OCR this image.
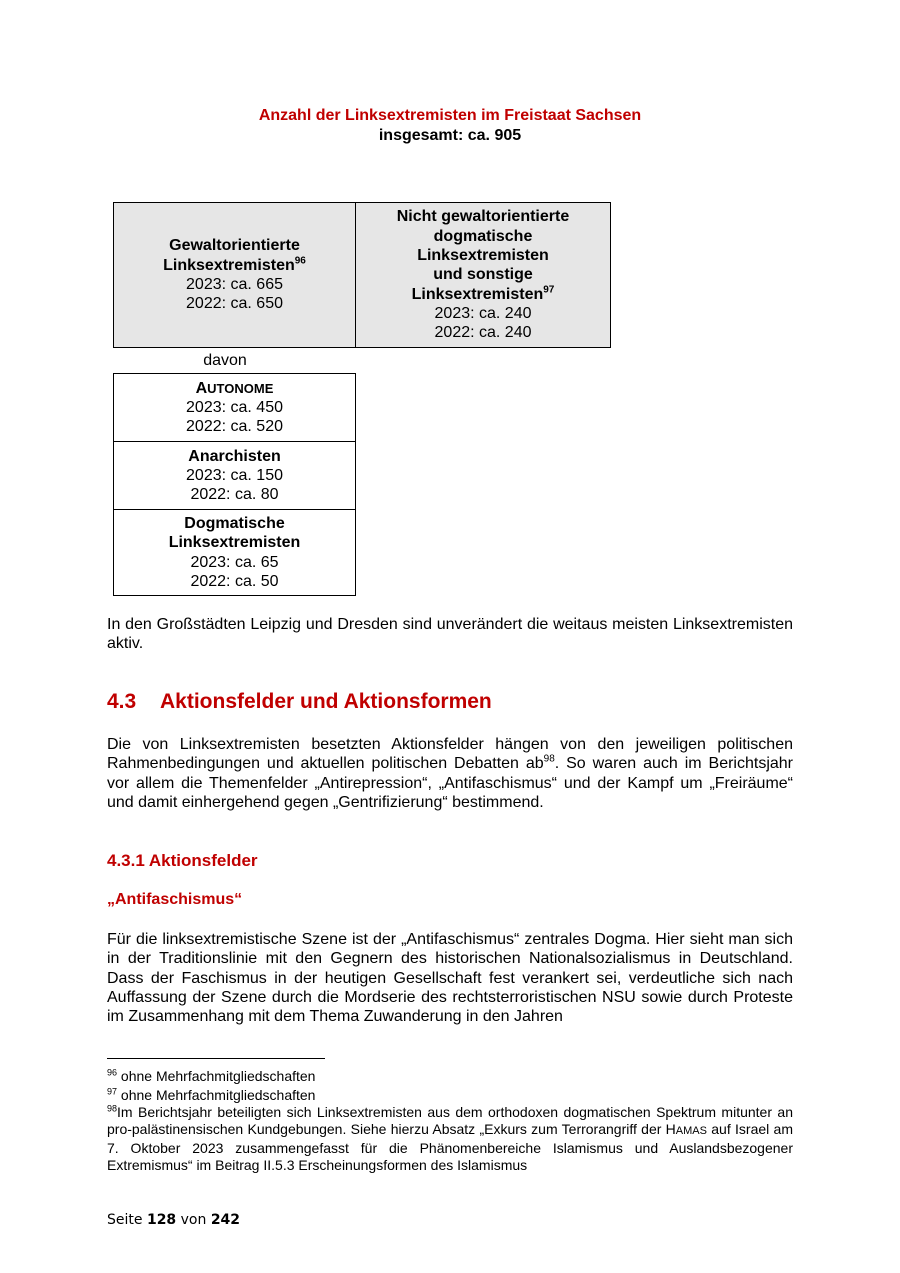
Anzahl der Linksextremisten im Freistaat Sachsen
insgesamt: ca. 905
Gewaltorientierte
Linksextremisten$^{96}$
2023: ca. 665
2022: ca. 650
Nicht gewaltorientierte
dogmatische
Linksextremisten
und sonstige
Linksextremisten$^{97}$
2023: ca. 240
2022: ca. 240
davon
AUTONOME
2023: ca. 450
2022: ca. 520
Anarchisten
2023: ca. 150
2022: ca. 80
Dogmatische
Linksextremisten
2023: ca. 65
2022: ca. 50
In den Großstädten Leipzig und Dresden sind unverändert die weitaus meisten Linksextremisten aktiv.
4.3 Aktionsfelder und Aktionsformen
Die von Linksextremisten besetzten Aktionsfelder hängen von den jeweiligen politischen Rahmenbedingungen und aktuellen politischen Debatten $ab^{98}$. So waren auch im Berichtsjahr vor allem die Themenfelder „Antirepression“, „Antifaschismus“ und der Kampf um „Freiräume“ und damit einhergehend gegen „Gentrifizierung“ bestimmend.
4.3.1 Aktionsfelder
„Antifaschismus“
Für die linksextremistische Szene ist der „Antifaschismus“ zentrales Dogma. Hier sieht man sich in der Traditionslinie mit den Gegnern des historischen Nationalsozialismus in Deutschland. Dass der Faschismus in der heutigen Gesellschaft fest verankert sei, verdeutliche sich nach Auffassung der Szene durch die Mordserie des rechtsterroristischen NSU sowie durch Proteste im Zusammenhang mit dem Thema Zuwanderung in den Jahren
$^{96}$ ohne Mehrfachmitgliedschaften
$^{97}$ ohne Mehrfachmitgliedschaften
$^{98}$Im Berichtsjahr beteiligten sich Linksextremisten aus dem orthodoxen dogmatischen Spektrum mitunter an pro-palästinensischen Kundgebungen. Siehe hierzu Absatz „Exkurs zum Terrorangriff der HAMAS auf Israel am 7. Oktober 2023 zusammengefasst für die Phänomenbereiche Islamismus und Auslandsbezogener Extremismus“ im Beitrag II.5.3 Erscheinungsformen des Islamismus
Seite 128 von 242
